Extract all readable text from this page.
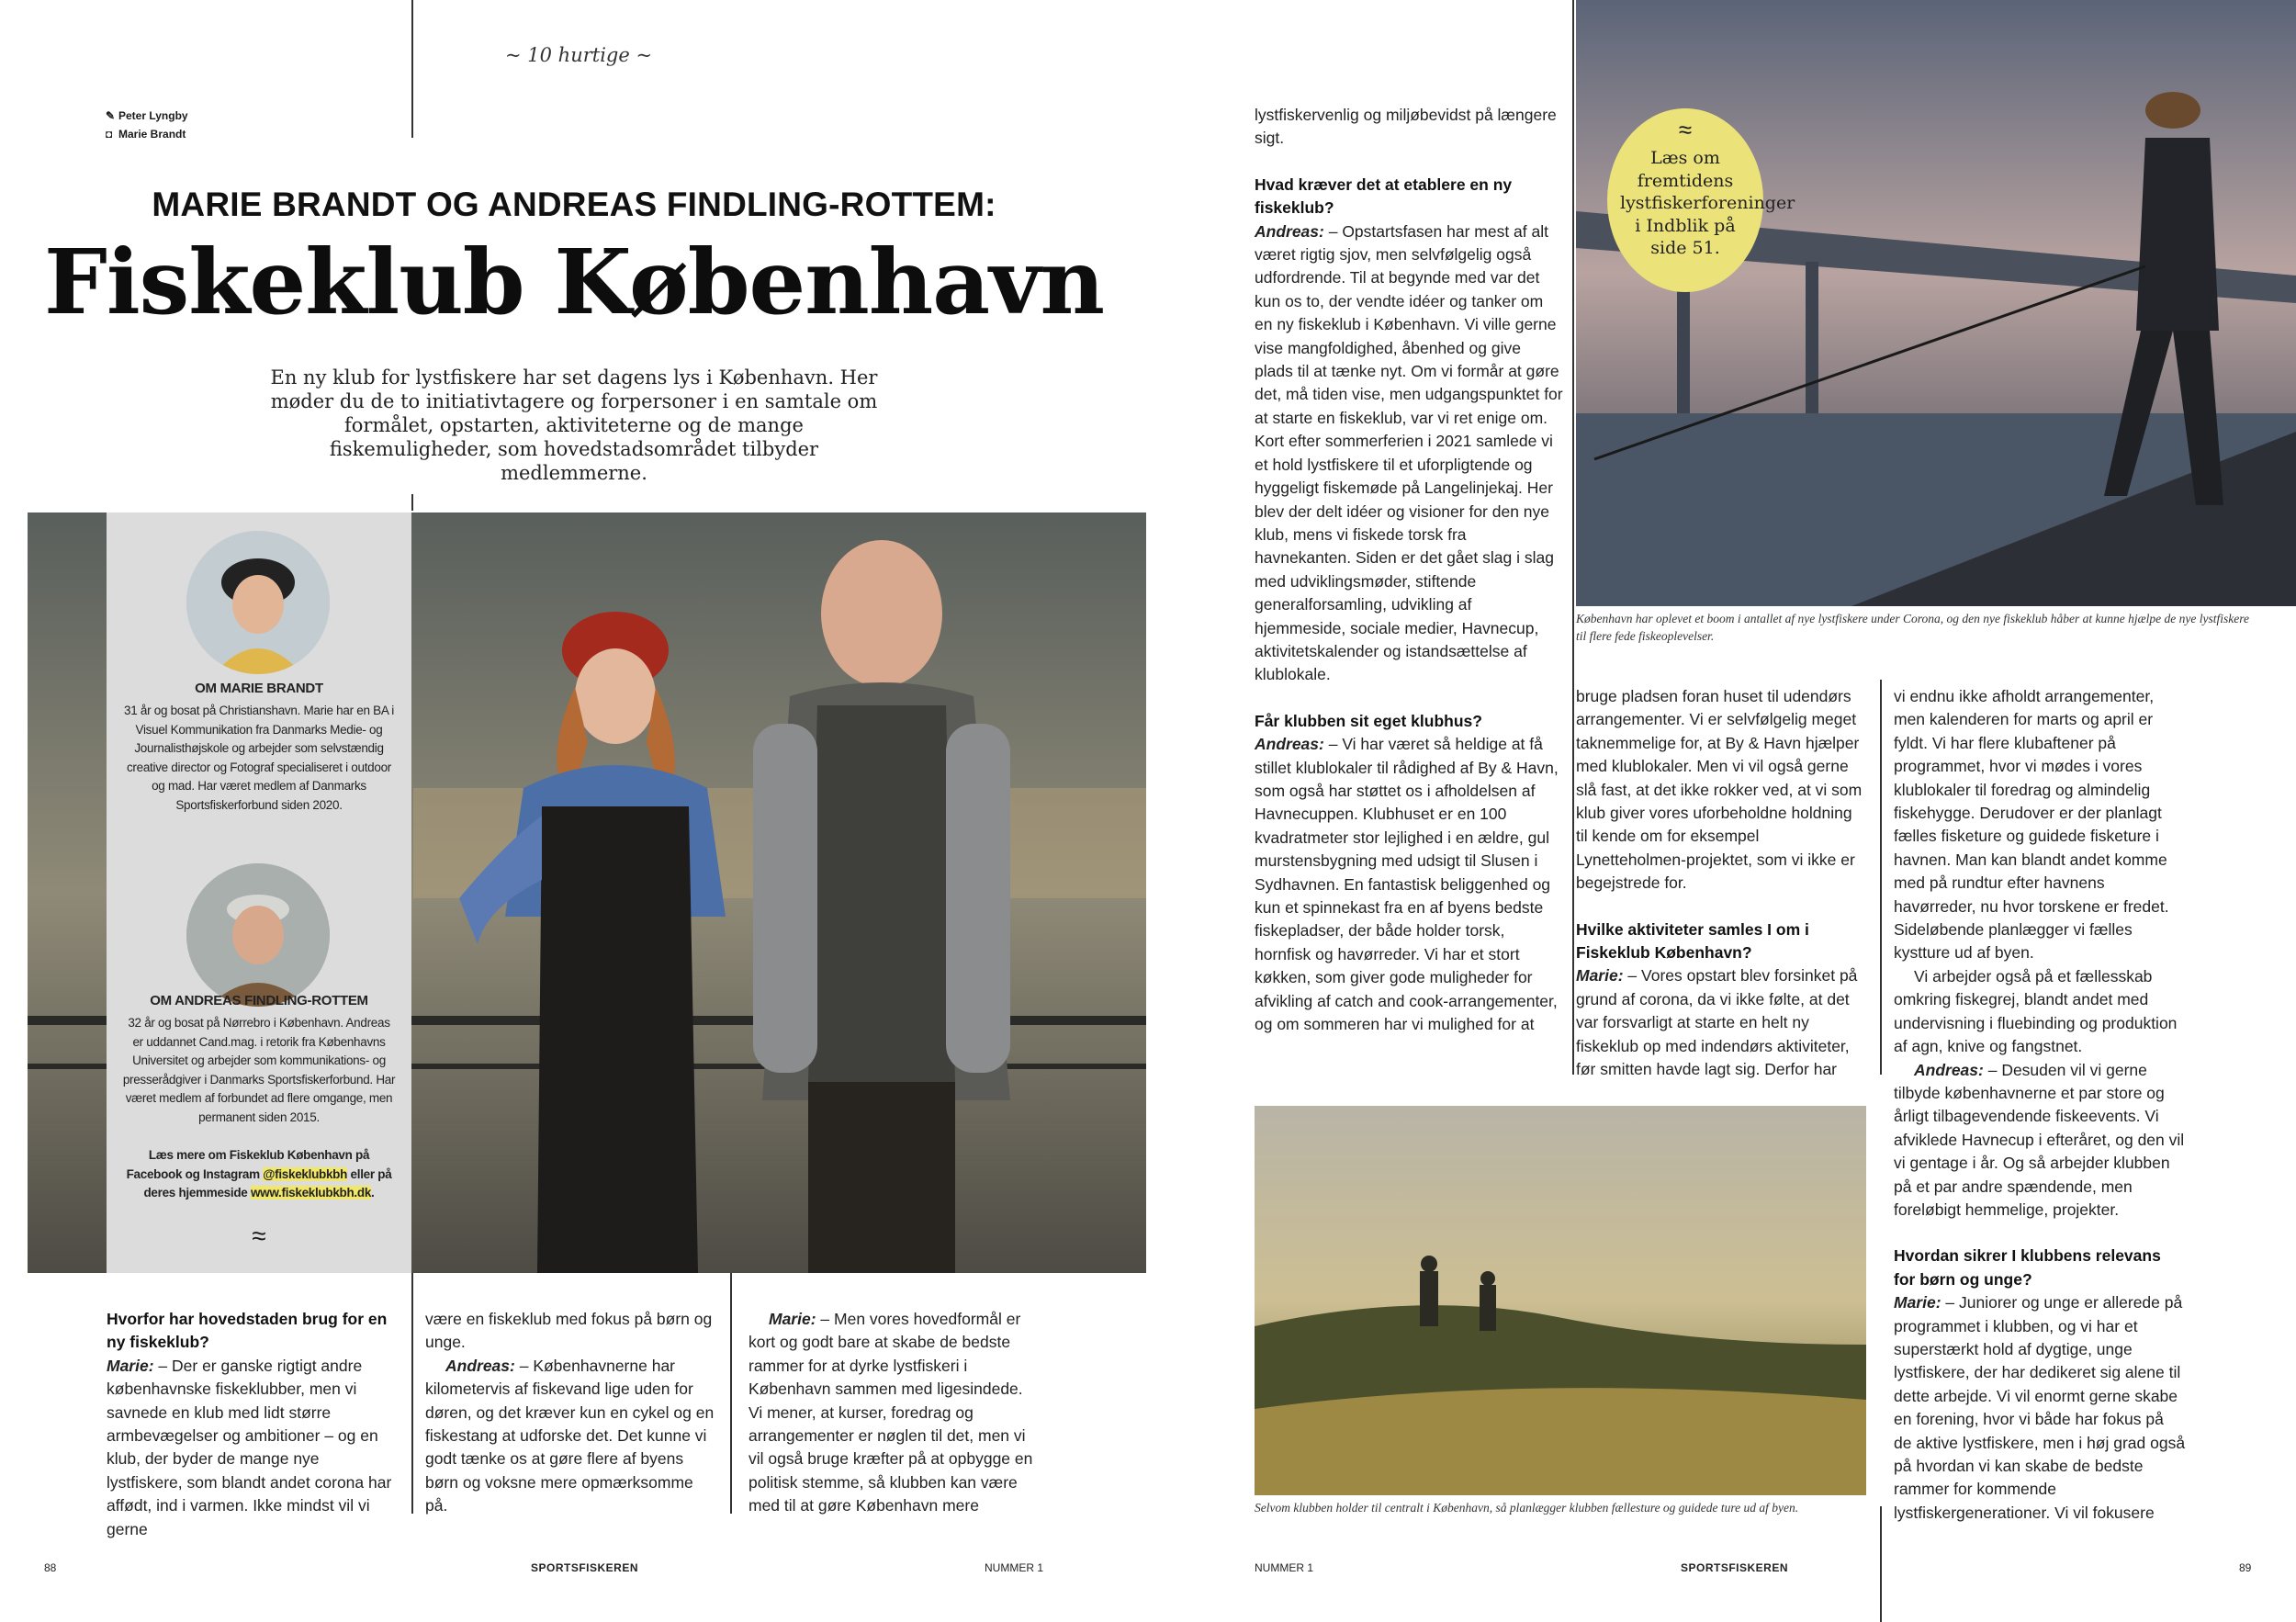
~ 10 hurtige ~
✎ Peter Lyngby
◘ Marie Brandt
MARIE BRANDT OG ANDREAS FINDLING-ROTTEM:
Fiskeklub København
En ny klub for lystfiskere har set dagens lys i København. Her møder du de to initiativtagere og forpersoner i en samtale om formålet, opstarten, aktiviteterne og de mange fiskemuligheder, som hovedstadsområdet tilbyder medlemmerne.
OM MARIE BRANDT
31 år og bosat på Christianshavn. Marie har en BA i Visuel Kommunikation fra Danmarks Medie- og Journalisthøjskole og arbejder som selvstændig creative director og Fotograf specialiseret i outdoor og mad. Har været medlem af Danmarks Sportsfiskerforbund siden 2020.
OM ANDREAS FINDLING-ROTTEM
32 år og bosat på Nørrebro i København. Andreas er uddannet Cand.mag. i retorik fra Københavns Universitet og arbejder som kommunikations- og presserådgiver i Danmarks Sportsfiskerforbund. Har været medlem af forbundet ad flere omgange, men permanent siden 2015.
Læs mere om Fiskeklub København på Facebook og Instagram @fiskeklubkbh eller på deres hjemmeside www.fiskeklubkbh.dk.
≈

Hvorfor har hovedstaden brug for en ny fiskeklub?

Marie: – Der er ganske rigtigt andre københavnske fiskeklubber, men vi savnede en klub med lidt større armbevægelser og ambitioner – og en klub, der byder de mange nye lystfiskere, som blandt andet corona har affødt, ind i varmen. Ikke mindst vil vi gerne

være en fiskeklub med fokus på børn og unge.

Andreas: – Københavnerne har kilometervis af fiskevand lige uden for døren, og det kræver kun en cykel og en fiskestang at udforske det. Det kunne vi godt tænke os at gøre flere af byens børn og voksne mere opmærksomme på.

Marie: – Men vores hovedformål er kort og godt bare at skabe de bedste rammer for at dyrke lystfiskeri i København sammen med ligesindede. Vi mener, at kurser, foredrag og arrangementer er nøglen til det, men vi vil også bruge kræfter på at opbygge en politisk stemme, så klubben kan være med til at gøre København mere

88	SPORTSFISKEREN	NUMMER 1

lystfiskervenlig og miljøbevidst på længere sigt.

Hvad kræver det at etablere en ny fiskeklub?

Andreas: – Opstartsfasen har mest af alt været rigtig sjov, men selvfølgelig også udfordrende. Til at begynde med var det kun os to, der vendte idéer og tanker om en ny fiskeklub i København. Vi ville gerne vise mangfoldighed, åbenhed og give plads til at tænke nyt. Om vi formår at gøre det, må tiden vise, men udgangspunktet for at starte en fiskeklub, var vi ret enige om. Kort efter sommerferien i 2021 samlede vi et hold lystfiskere til et uforpligtende og hyggeligt fiskemøde på Langelinjekaj. Her blev der delt idéer og visioner for den nye klub, mens vi fiskede torsk fra havnekanten. Siden er det gået slag i slag med udviklingsmøder, stiftende generalforsamling, udvikling af hjemmeside, sociale medier, Havnecup, aktivitetskalender og istandsættelse af klublokale.

Får klubben sit eget klubhus?

Andreas: – Vi har været så heldige at få stillet klublokaler til rådighed af By & Havn, som også har støttet os i afholdelsen af Havnecuppen. Klubhuset er en 100 kvadratmeter stor lejlighed i en ældre, gul murstensbygning med udsigt til Slusen i Sydhavnen. En fantastisk beliggenhed og kun et spinnekast fra en af byens bedste fiskepladser, der både holder torsk, hornfisk og havørreder. Vi har et stort køkken, som giver gode muligheder for afvikling af catch and cook-arrangementer, og om sommeren har vi mulighed for at

≈
Læs om fremtidens lystfiskerforeninger i Indblik på side 51.
København har oplevet et boom i antallet af nye lystfiskere under Corona, og den nye fiskeklub håber at kunne hjælpe de nye lystfiskere til flere fede fiskeoplevelser.

bruge pladsen foran huset til udendørs arrangementer. Vi er selvfølgelig meget taknemmelige for, at By & Havn hjælper med klublokaler. Men vi vil også gerne slå fast, at det ikke rokker ved, at vi som klub giver vores uforbeholdne holdning til kende om for eksempel Lynetteholmen-projektet, som vi ikke er begejstrede for.

Hvilke aktiviteter samles I om i Fiskeklub København?

Marie: – Vores opstart blev forsinket på grund af corona, da vi ikke følte, at det var forsvarligt at starte en helt ny fiskeklub op med indendørs aktiviteter, før smitten havde lagt sig. Derfor har

vi endnu ikke afholdt arrangementer, men kalenderen for marts og april er fyldt. Vi har flere klubaftener på programmet, hvor vi mødes i vores klublokaler til foredrag og almindelig fiskehygge. Derudover er der planlagt fælles fisketure og guidede fisketure i havnen. Man kan blandt andet komme med på rundtur efter havnens havørreder, nu hvor torskene er fredet. Sideløbende planlægger vi fælles kystture ud af byen.

Vi arbejder også på et fællesskab omkring fiskegrej, blandt andet med undervisning i fluebinding og produktion af agn, knive og fangstnet.

Andreas: – Desuden vil vi gerne tilbyde københavnerne et par store og årligt tilbagevendende fiskeevents. Vi afviklede Havnecup i efteråret, og den vil vi gentage i år. Og så arbejder klubben på et par andre spændende, men foreløbigt hemmelige, projekter.

Hvordan sikrer I klubbens relevans for børn og unge?

Marie: – Juniorer og unge er allerede på programmet i klubben, og vi har et superstærkt hold af dygtige, unge lystfiskere, der har dedikeret sig alene til dette arbejde. Vi vil enormt gerne skabe en forening, hvor vi både har fokus på de aktive lystfiskere, men i høj grad også på hvordan vi kan skabe de bedste rammer for kommende lystfiskergenerationer. Vi vil fokusere

Selvom klubben holder til centralt i København, så planlægger klubben fællesture og guidede ture ud af byen.
NUMMER 1	SPORTSFISKEREN	89
